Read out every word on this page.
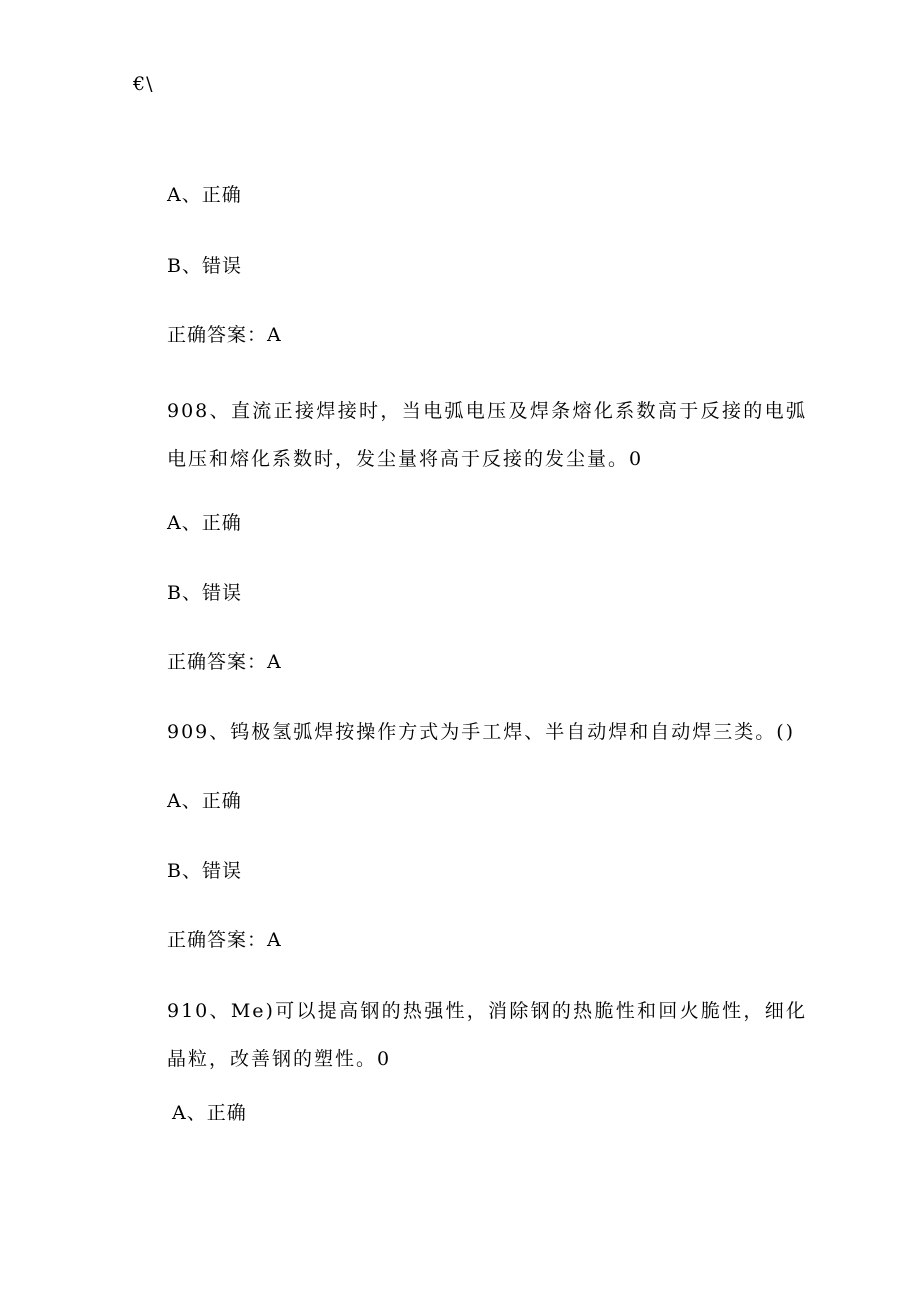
€\
A、正确
B、错误
正确答案：A
908、直流正接焊接时，当电弧电压及焊条熔化系数高于反接的电弧电压和熔化系数时，发尘量将高于反接的发尘量。0
A、正确
B、错误
正确答案：A
909、钨极氢弧焊按操作方式为手工焊、半自动焊和自动焊三类。()
A、正确
B、错误
正确答案：A
910、Me)可以提高钢的热强性，消除钢的热脆性和回火脆性，细化晶粒，改善钢的塑性。0
A、正确
